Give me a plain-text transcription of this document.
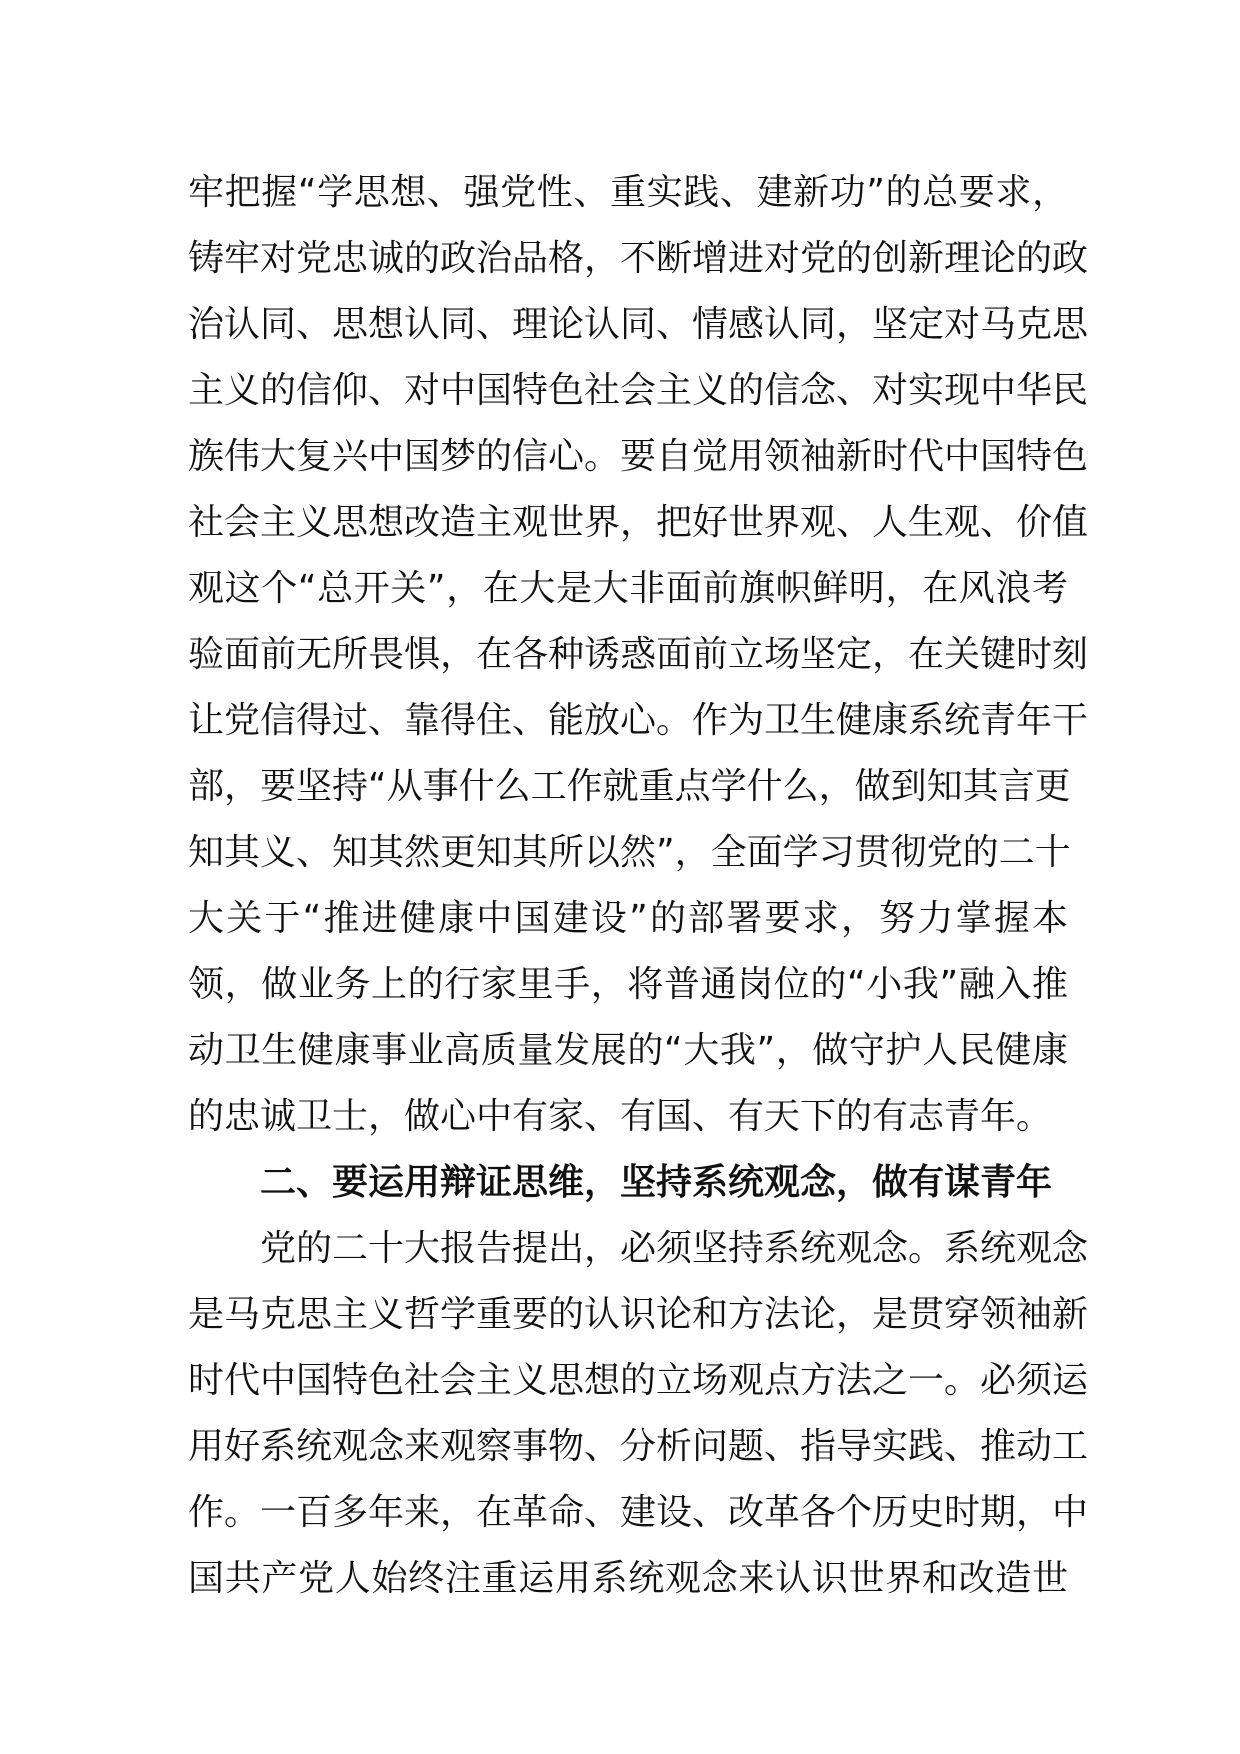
牢把握“学思想、强党性、重实践、建新功”的总要求，
铸牢对党忠诚的政治品格，不断增进对党的创新理论的政
治认同、思想认同、理论认同、情感认同，坚定对马克思
主义的信仰、对中国特色社会主义的信念、对实现中华民
族伟大复兴中国梦的信心。要自觉用领袖新时代中国特色
社会主义思想改造主观世界，把好世界观、人生观、价值
观这个“总开关”，在大是大非面前旗帜鲜明，在风浪考
验面前无所畏惧，在各种诱惑面前立场坚定，在关键时刻
让党信得过、靠得住、能放心。作为卫生健康系统青年干
部，要坚持“从事什么工作就重点学什么，做到知其言更
知其义、知其然更知其所以然”，全面学习贯彻党的二十
大关于“推进健康中国建设”的部署要求，努力掌握本
领，做业务上的行家里手，将普通岗位的“小我”融入推
动卫生健康事业高质量发展的“大我”，做守护人民健康
的忠诚卫士，做心中有家、有国、有天下的有志青年。
二、要运用辩证思维，坚持系统观念，做有谋青年
党的二十大报告提出，必须坚持系统观念。系统观念
是马克思主义哲学重要的认识论和方法论，是贯穿领袖新
时代中国特色社会主义思想的立场观点方法之一。必须运
用好系统观念来观察事物、分析问题、指导实践、推动工
作。一百多年来，在革命、建设、改革各个历史时期，中
国共产党人始终注重运用系统观念来认识世界和改造世
